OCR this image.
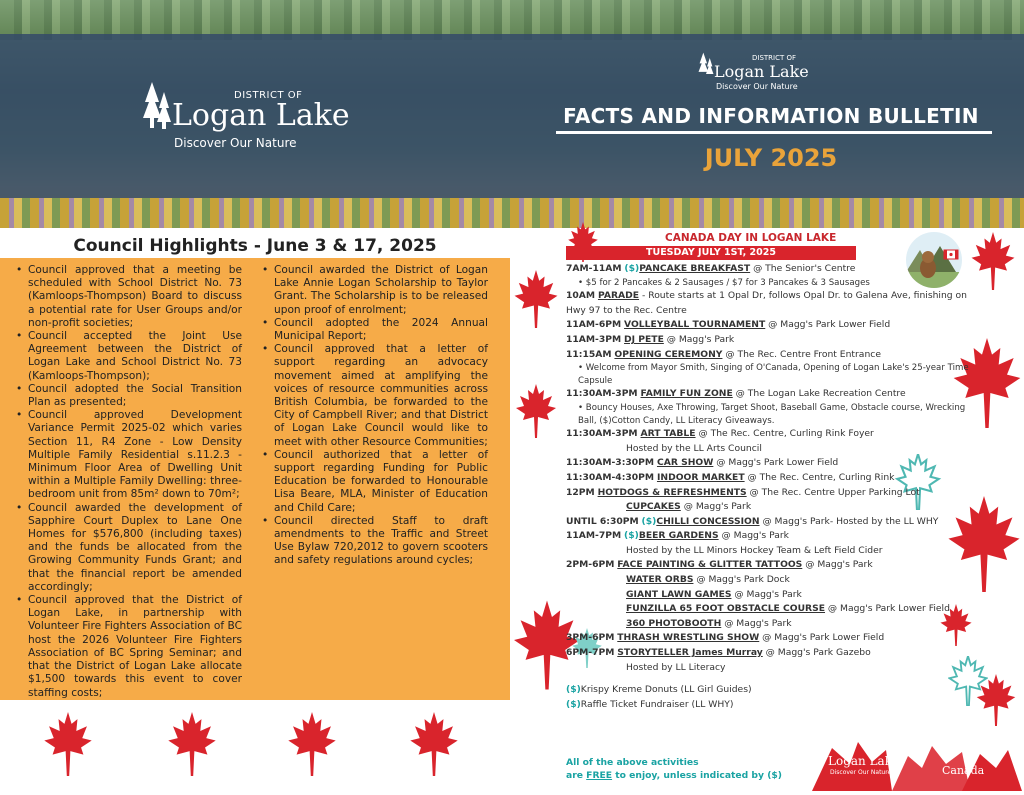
DISTRICT OF
Logan Lake
Discover Our Nature
DISTRICT OF
Logan Lake
Discover Our Nature
FACTS AND INFORMATION BULLETIN
JULY 2025
Council Highlights - June 3 & 17, 2025
• Council approved that a meeting be scheduled with School District No. 73 (Kamloops-Thompson) Board to discuss a potential rate for User Groups and/or non-profit societies;
• Council accepted the Joint Use Agreement between the District of Logan Lake and School District No. 73 (Kamloops-Thompson);
• Council adopted the Social Transition Plan as presented;
• Council approved Development Variance Permit 2025-02 which varies Section 11, R4 Zone - Low Density Multiple Family Residential s.11.2.3 - Minimum Floor Area of Dwelling Unit within a Multiple Family Dwelling: three-bedroom unit from 85m² down to 70m²;
• Council awarded the development of Sapphire Court Duplex to Lane One Homes for $576,800 (including taxes) and the funds be allocated from the Growing Community Funds Grant; and that the financial report be amended accordingly;
• Council approved that the District of Logan Lake, in partnership with Volunteer Fire Fighters Association of BC host the 2026 Volunteer Fire Fighters Association of BC Spring Seminar; and that the District of Logan Lake allocate $1,500 towards this event to cover staffing costs;
• Council awarded the District of Logan Lake Annie Logan Scholarship to Taylor Grant. The Scholarship is to be released upon proof of enrolment;
• Council adopted the 2024 Annual Municipal Report;
• Council approved that a letter of support regarding an advocacy movement aimed at amplifying the voices of resource communities across British Columbia, be forwarded to the City of Campbell River; and that District of Logan Lake Council would like to meet with other Resource Communities;
• Council authorized that a letter of support regarding Funding for Public Education be forwarded to Honourable Lisa Beare, MLA, Minister of Education and Child Care;
• Council directed Staff to draft amendments to the Traffic and Street Use Bylaw 720,2012 to govern scooters and safety regulations around cycles;
CANADA DAY IN LOGAN LAKE
TUESDAY JULY 1ST, 2025
7AM-11AM ($)PANCAKE BREAKFAST @ The Senior's Centre
• $5 for 2 Pancakes & 2 Sausages / $7 for 3 Pancakes & 3 Sausages
10AM PARADE - Route starts at 1 Opal Dr, follows Opal Dr. to Galena Ave, finishing on Hwy 97 to the Rec. Centre
11AM-6PM VOLLEYBALL TOURNAMENT @ Magg's Park Lower Field
11AM-3PM DJ PETE @ Magg's Park
11:15AM OPENING CEREMONY @ The Rec. Centre Front Entrance
• Welcome from Mayor Smith, Singing of O'Canada, Opening of Logan Lake's 25-year Time Capsule
11:30AM-3PM FAMILY FUN ZONE @ The Logan Lake Recreation Centre
• Bouncy Houses, Axe Throwing, Target Shoot, Baseball Game, Obstacle course, Wrecking Ball, ($)Cotton Candy, LL Literacy Giveaways.
11:30AM-3PM ART TABLE @ The Rec. Centre, Curling Rink Foyer
Hosted by the LL Arts Council
11:30AM-3:30PM CAR SHOW @ Magg's Park Lower Field
11:30AM-4:30PM INDOOR MARKET @ The Rec. Centre, Curling Rink
12PM HOTDOGS & REFRESHMENTS @ The Rec. Centre Upper Parking Lot
CUPCAKES @ Magg's Park
UNTIL 6:30PM ($)CHILLI CONCESSION @ Magg's Park- Hosted by the LL WHY
11AM-7PM ($)BEER GARDENS @ Magg's Park
Hosted by the LL Minors Hockey Team & Left Field Cider
2PM-6PM FACE PAINTING & GLITTER TATTOOS @ Magg's Park
WATER ORBS @ Magg's Park Dock
GIANT LAWN GAMES @ Magg's Park
FUNZILLA 65 FOOT OBSTACLE COURSE @ Magg's Park Lower Field
360 PHOTOBOOTH @ Magg's Park
3PM-6PM THRASH WRESTLING SHOW @ Magg's Park Lower Field
6PM-7PM STORYTELLER James Murray @ Magg's Park Gazebo
Hosted by LL Literacy
($)Krispy Kreme Donuts (LL Girl Guides)
($)Raffle Ticket Fundraiser (LL WHY)
All of the above activities
are FREE to enjoy, unless indicated by ($)
Logan Lake
Discover Our Nature	Canada
